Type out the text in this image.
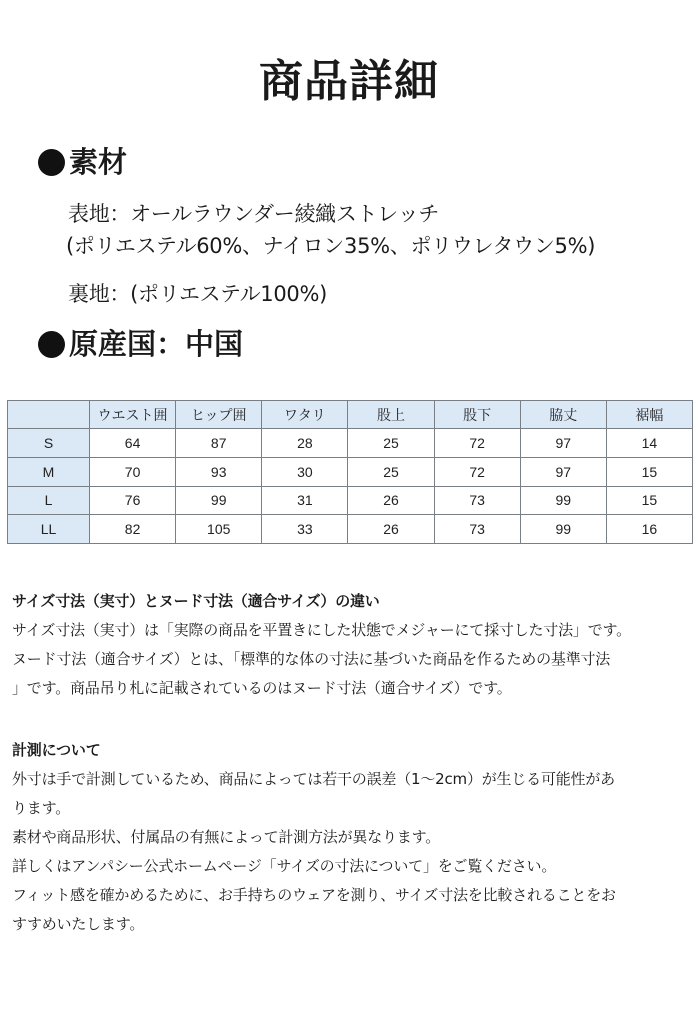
商品詳細
素材
表地：オールラウンダー綾織ストレッチ
(ポリエステル60%、ナイロン35%、ポリウレタウン5%)
裏地：(ポリエステル100%)
原産国：中国
	ウエスト囲	ヒップ囲	ワタリ	股上	股下	脇丈	裾幅
S	64	87	28	25	72	97	14
M	70	93	30	25	72	97	15
L	76	99	31	26	73	99	15
LL	82	105	33	26	73	99	16
サイズ寸法（実寸）とヌード寸法（適合サイズ）の違い
サイズ寸法（実寸）は「実際の商品を平置きにした状態でメジャーにて採寸した寸法」です。
ヌード寸法（適合サイズ）とは、「標準的な体の寸法に基づいた商品を作るための基準寸法
」です。商品吊り札に記載されているのはヌード寸法（適合サイズ）です。
計測について
外寸は手で計測しているため、商品によっては若干の誤差（1〜2cm）が生じる可能性があ
ります。
素材や商品形状、付属品の有無によって計測方法が異なります。
詳しくはアンパシー公式ホームページ「サイズの寸法について」をご覧ください。
フィット感を確かめるために、お手持ちのウェアを測り、サイズ寸法を比較されることをお
すすめいたします。
